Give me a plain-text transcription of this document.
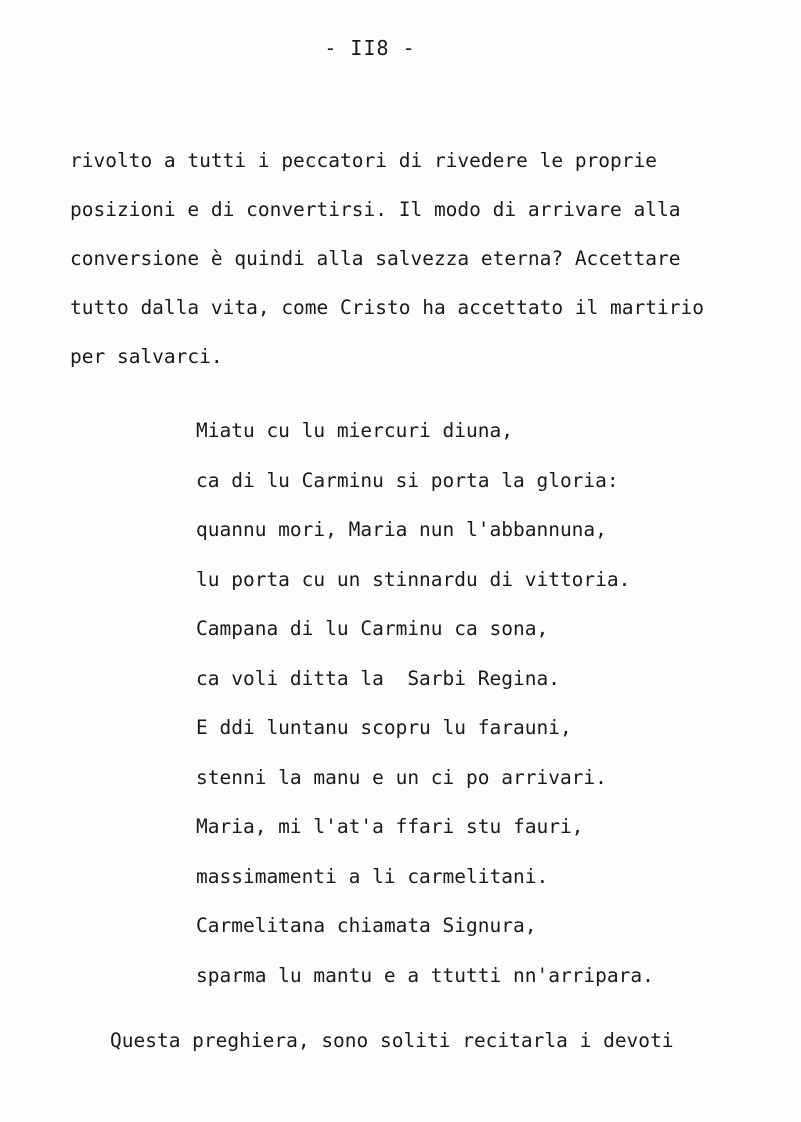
- II8 -
rivolto a tutti i peccatori di rivedere le proprie
posizioni e di convertirsi. Il modo di arrivare alla
conversione è quindi alla salvezza eterna? Accettare
tutto dalla vita, come Cristo ha accettato il martirio
per salvarci.
Miatu cu lu miercuri diuna,
ca di lu Carminu si porta la gloria:
quannu mori, Maria nun l'abbannuna,
lu porta cu un stinnardu di vittoria.
Campana di lu Carminu ca sona,
ca voli ditta la  Sarbi Regina.
E ddi luntanu scopru lu farauni,
stenni la manu e un ci po arrivari.
Maria, mi l'at'a ffari stu fauri,
massimamenti a li carmelitani.
Carmelitana chiamata Signura,
sparma lu mantu e a ttutti nn'arripara.
Questa preghiera, sono soliti recitarla i devoti
